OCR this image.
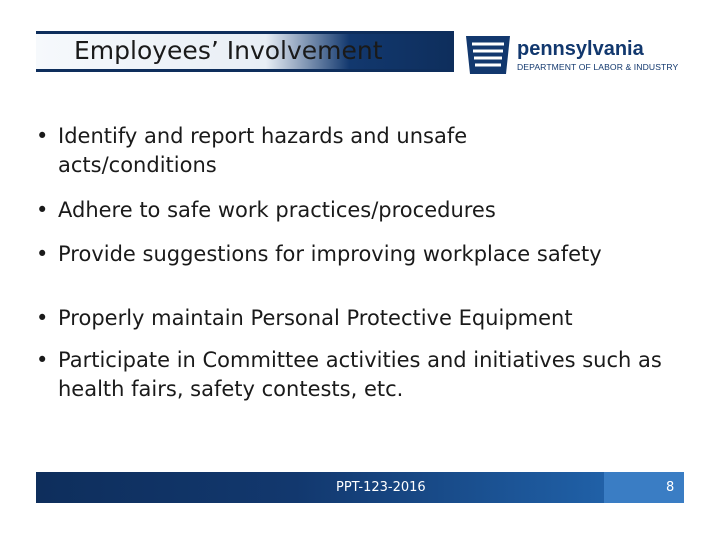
Employees’ Involvement	pennsylvania
DEPARTMENT OF LABOR & INDUSTRY
• Identify and report hazards and unsafe acts/conditions
• Adhere to safe work practices/procedures
• Provide suggestions for improving workplace safety
• Properly maintain Personal Protective Equipment
• Participate in Committee activities and initiatives such as health fairs, safety contests, etc.
PPT-123-2016	8
